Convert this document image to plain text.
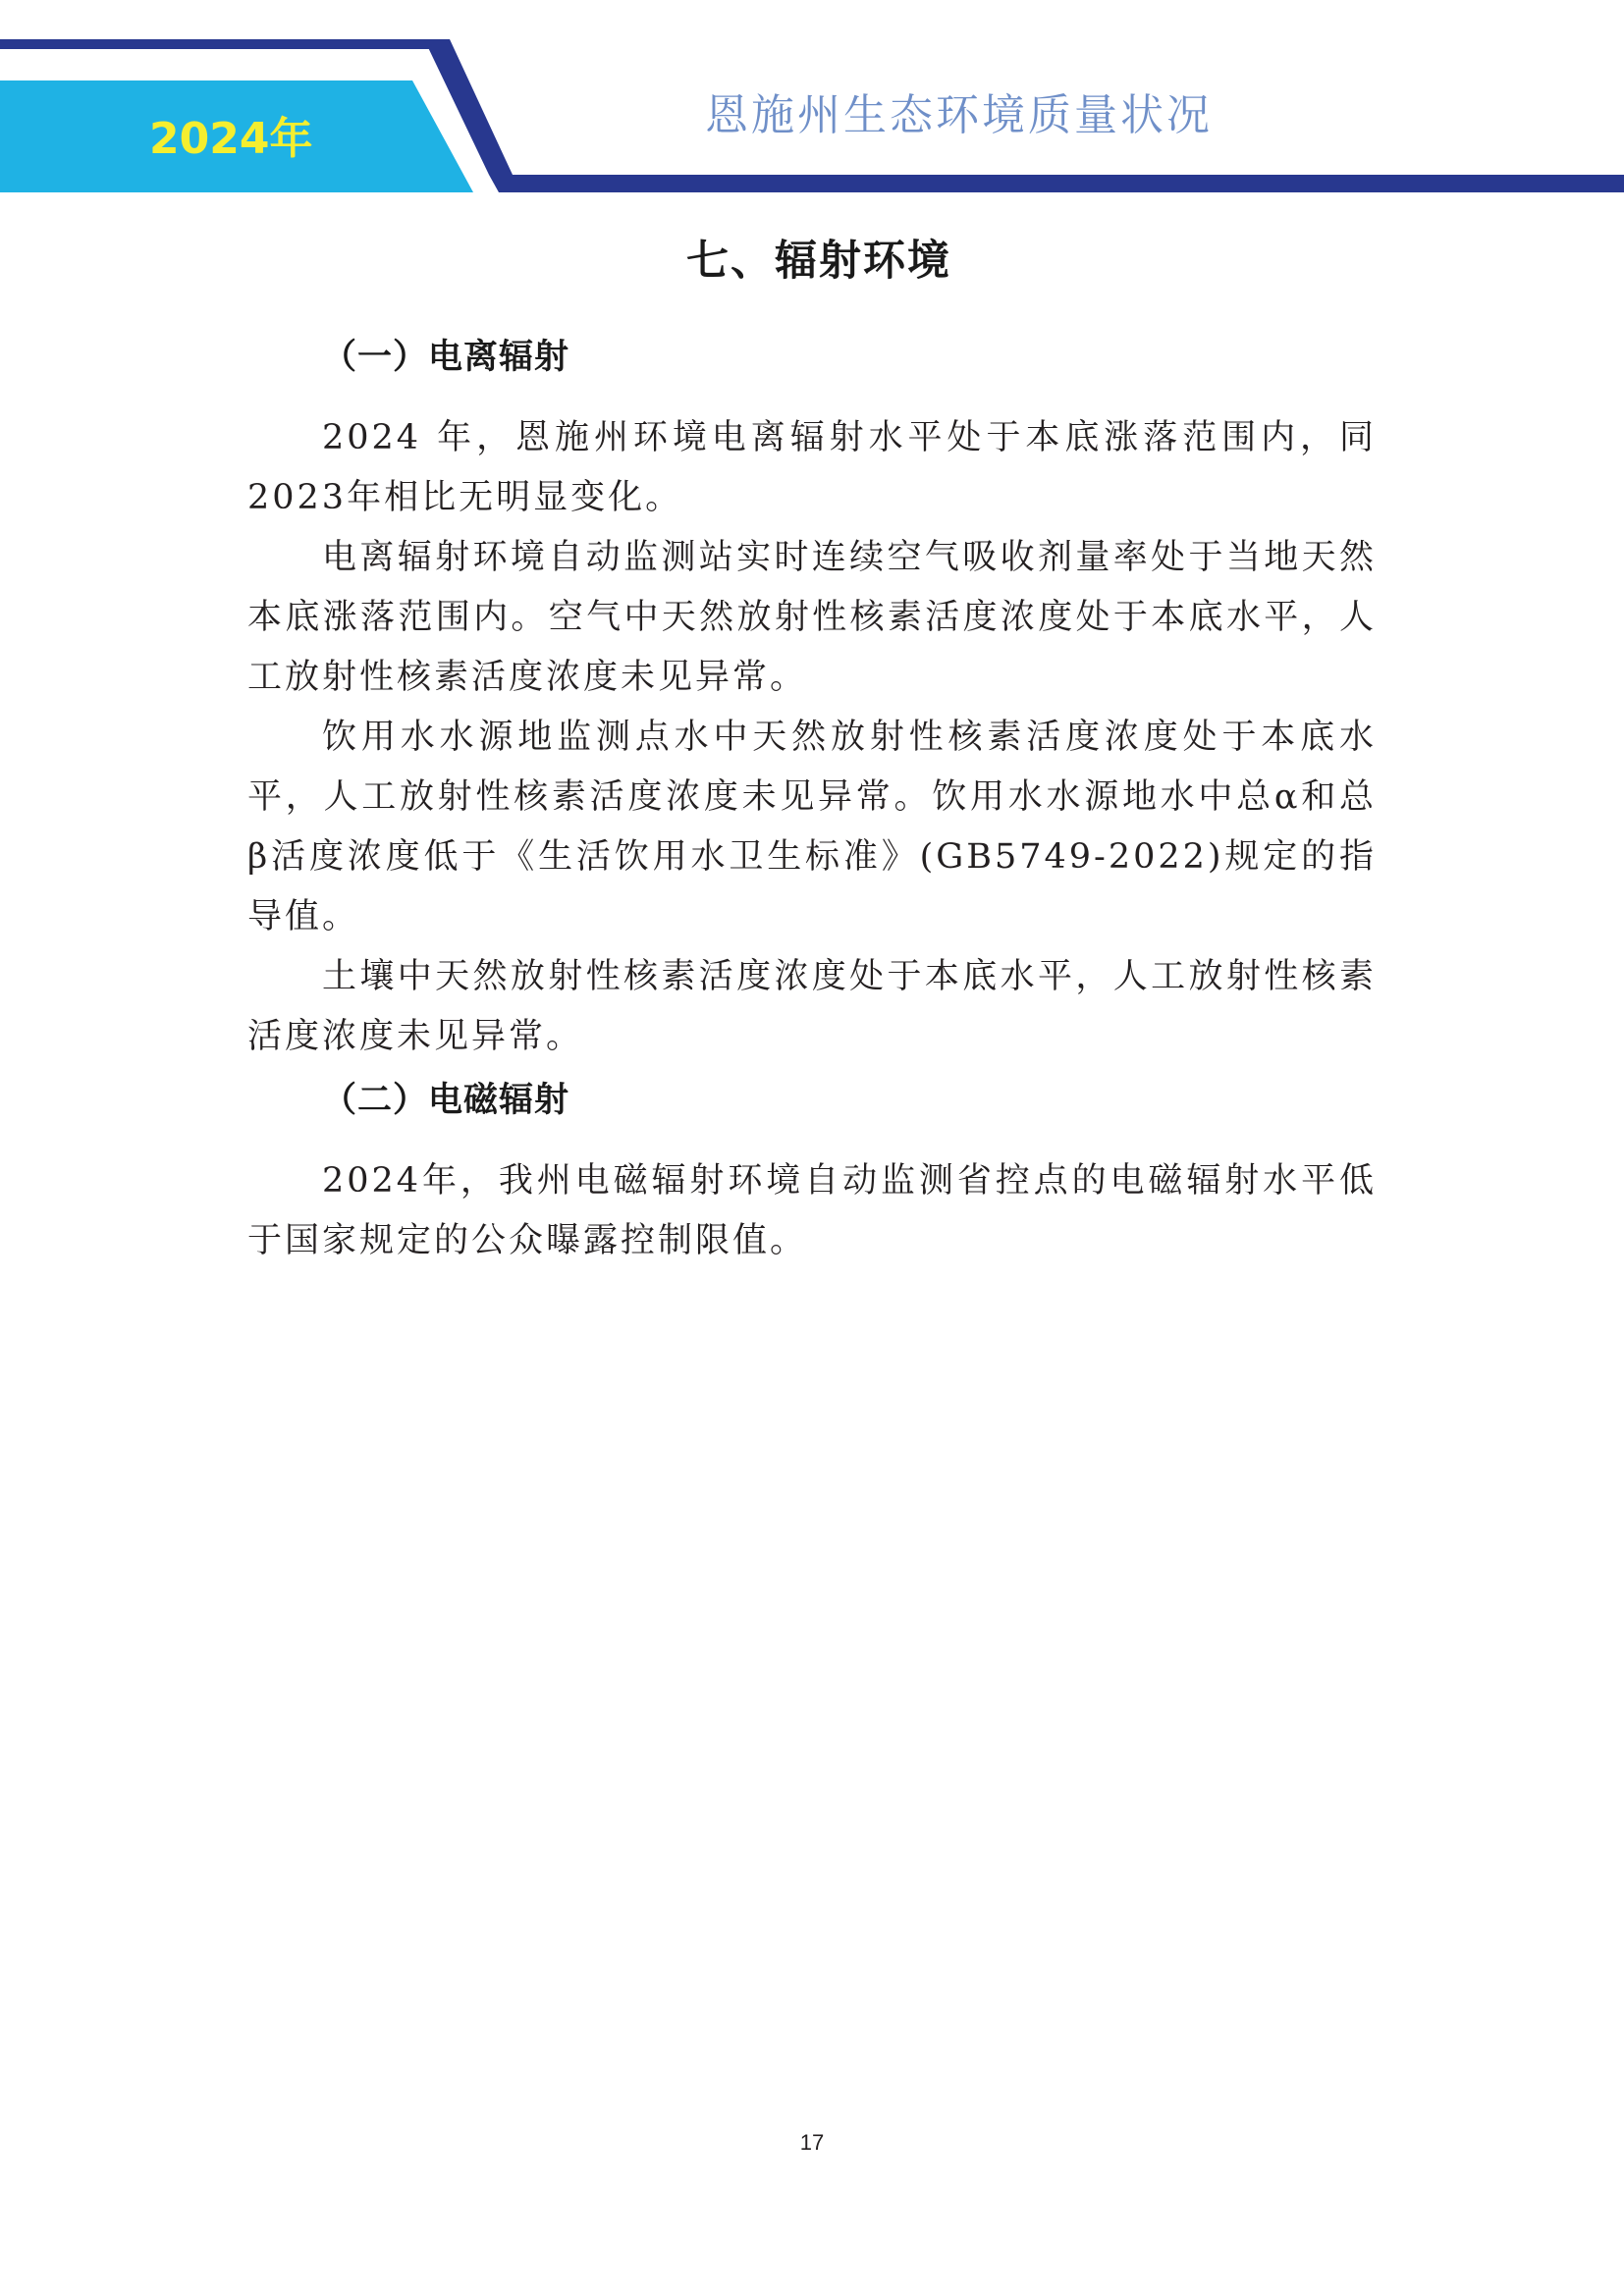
2024年	恩施州生态环境质量状况
七、辐射环境
（一）电离辐射

2024 年，恩施州环境电离辐射水平处于本底涨落范围内，同2023年相比无明显变化。

电离辐射环境自动监测站实时连续空气吸收剂量率处于当地天然本底涨落范围内。空气中天然放射性核素活度浓度处于本底水平，人工放射性核素活度浓度未见异常。

饮用水水源地监测点水中天然放射性核素活度浓度处于本底水平，人工放射性核素活度浓度未见异常。饮用水水源地水中总α和总β活度浓度低于《生活饮用水卫生标准》(GB5749-2022)规定的指导值。

土壤中天然放射性核素活度浓度处于本底水平，人工放射性核素活度浓度未见异常。

（二）电磁辐射

2024年，我州电磁辐射环境自动监测省控点的电磁辐射水平低于国家规定的公众曝露控制限值。

17
